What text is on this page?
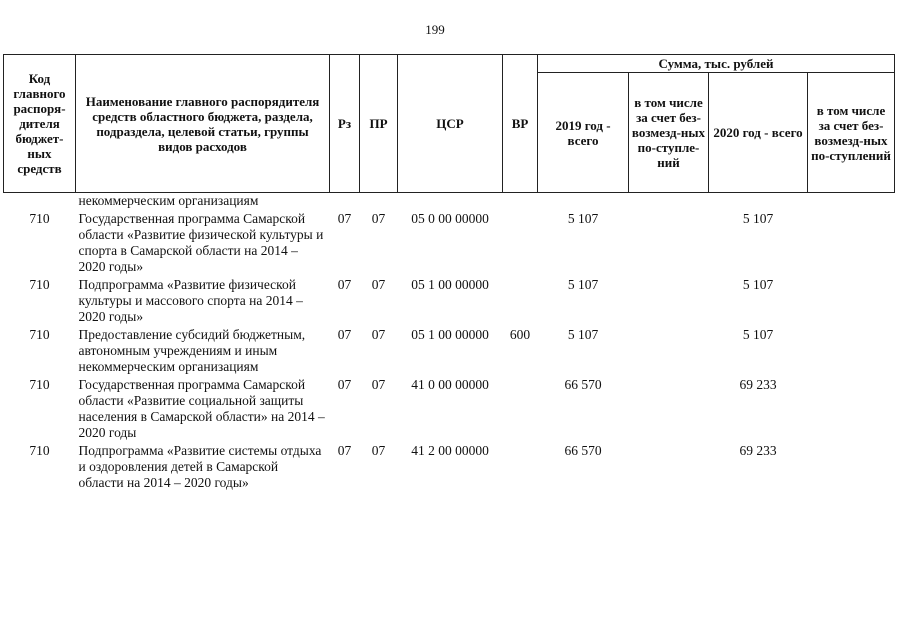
199
Код главного распоря-дителя бюджет-ных средств	Наименование главного распорядителя средств областного бюджета, раздела, подраздела, целевой статьи, группы видов расходов	Рз	ПР	ЦСР	ВР	Сумма, тыс. рублей			
						2019 год - всего	в том числе за счет без-возмезд-ных по-ступле-ний	2020 год - всего	в том числе за счет без-возмезд-ных по-ступлений
	некоммерческим организациям								
710	Государственная программа Самарской области «Развитие физической культуры и спорта в Самарской области на 2014 – 2020 годы»	07	07	05 0 00 00000		5 107		5 107	
710	Подпрограмма «Развитие физической культуры и массового спорта на 2014 – 2020 годы»	07	07	05 1 00 00000		5 107		5 107	
710	Предоставление субсидий бюджетным, автономным учреждениям и иным некоммерческим организациям	07	07	05 1 00 00000	600	5 107		5 107	
710	Государственная программа Самарской области «Развитие социальной защиты населения в Самарской области» на 2014 – 2020 годы	07	07	41 0 00 00000		66 570		69 233	
710	Подпрограмма «Развитие системы отдыха и оздоровления детей в Самарской области на 2014 – 2020 годы»	07	07	41 2 00 00000		66 570		69 233	
